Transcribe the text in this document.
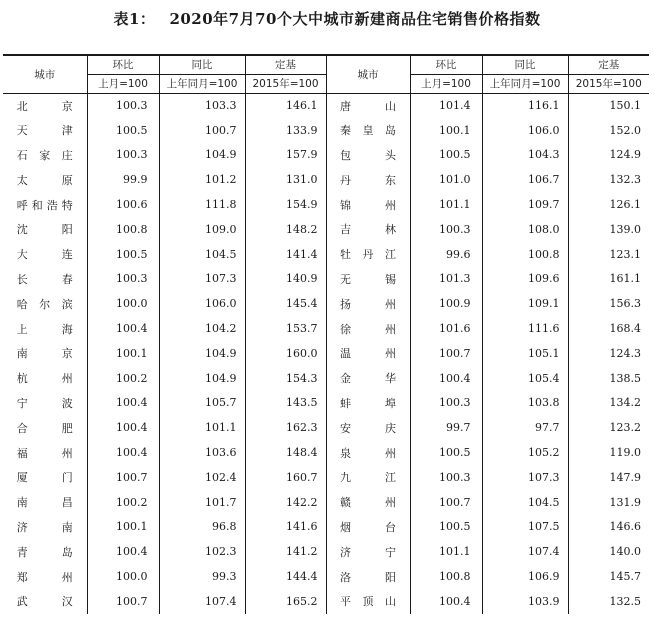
表1： 2020年7月70个大中城市新建商品住宅销售价格指数
城市	环比	同比	定基	城市	环比	同比	定基
	上月=100	上年同月=100	2015年=100		上月=100	上年同月=100	2015年=100
北京	100.3	103.3	146.1	唐山	101.4	116.1	150.1
天津	100.5	100.7	133.9	秦皇岛	100.1	106.0	152.0
石家庄	100.3	104.9	157.9	包头	100.5	104.3	124.9
太原	99.9	101.2	131.0	丹东	101.0	106.7	132.3
呼和浩特	100.6	111.8	154.9	锦州	101.1	109.7	126.1
沈阳	100.8	109.0	148.2	吉林	100.3	108.0	139.0
大连	100.5	104.5	141.4	牡丹江	99.6	100.8	123.1
长春	100.3	107.3	140.9	无锡	101.3	109.6	161.1
哈尔滨	100.0	106.0	145.4	扬州	100.9	109.1	156.3
上海	100.4	104.2	153.7	徐州	101.6	111.6	168.4
南京	100.1	104.9	160.0	温州	100.7	105.1	124.3
杭州	100.2	104.9	154.3	金华	100.4	105.4	138.5
宁波	100.4	105.7	143.5	蚌埠	100.3	103.8	134.2
合肥	100.4	101.1	162.3	安庆	99.7	97.7	123.2
福州	100.4	103.6	148.4	泉州	100.5	105.2	119.0
厦门	100.7	102.4	160.7	九江	100.3	107.3	147.9
南昌	100.2	101.7	142.2	赣州	100.7	104.5	131.9
济南	100.1	96.8	141.6	烟台	100.5	107.5	146.6
青岛	100.4	102.3	141.2	济宁	101.1	107.4	140.0
郑州	100.0	99.3	144.4	洛阳	100.8	106.9	145.7
武汉	100.7	107.4	165.2	平顶山	100.4	103.9	132.5
